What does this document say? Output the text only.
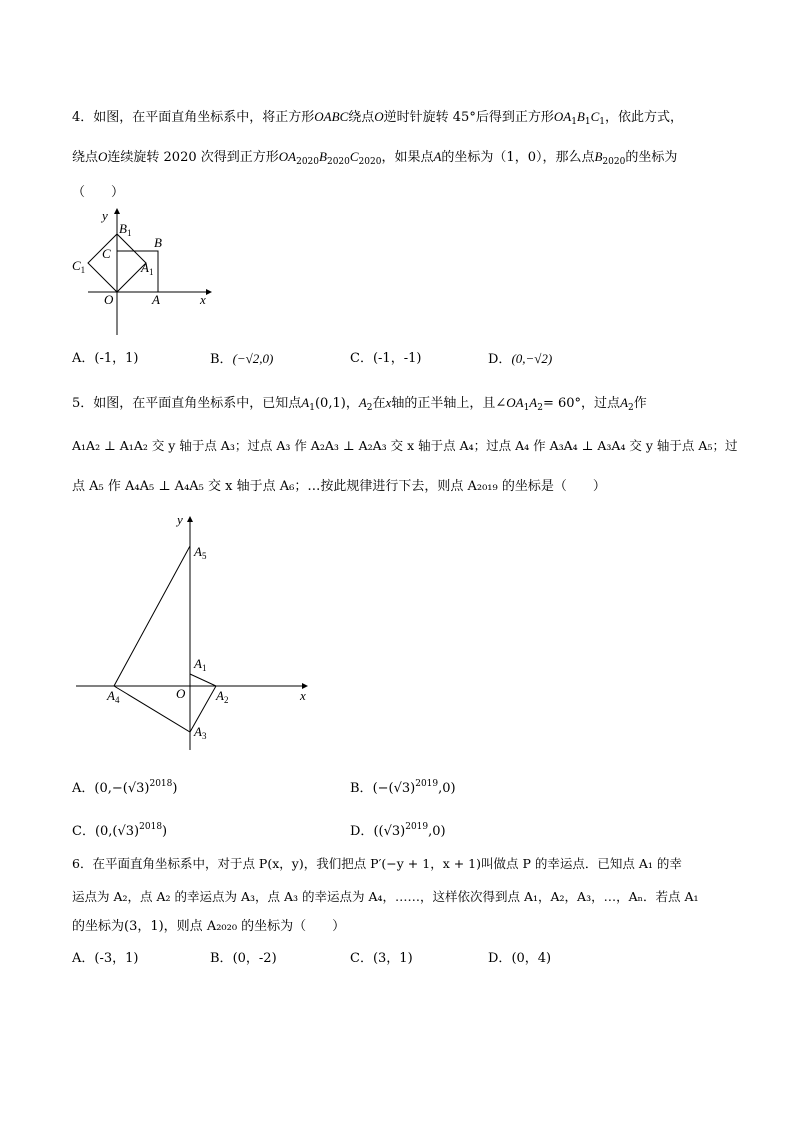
4．如图，在平面直角坐标系中，将正方形OABC绕点O逆时针旋转 45°后得到正方形$OA_1B_1C_1$，依此方式，
绕点O连续旋转 2020 次得到正方形$OA_{2020}B_{2020}C_{2020}$，如果点A的坐标为（1，0），那么点$B_{2020}$的坐标为
（　　）
y
x
O	A
B
C
$B_1$
$C_1$	$A_1$
A．(-1，1)	B．(−√2,0)	C．(-1，-1)	D．(0,−√2)
5．如图，在平面直角坐标系中，已知点$A_1(0,1)$，$A_2$在x轴的正半轴上，且$\angle OA_1A_2= 60^\circ$，过点$A_2$作
A₁A₂ ⊥ A₁A₂ 交 y 轴于点 A₃；过点 A₃ 作 A₂A₃ ⊥ A₂A₃ 交 x 轴于点 A₄；过点 A₄ 作 A₃A₄ ⊥ A₃A₄ 交 y 轴于点 A₅；过
点 A₅ 作 A₄A₅ ⊥ A₄A₅ 交 x 轴于点 A₆；…按此规律进行下去，则点 A₂₀₁₉ 的坐标是（　　）
y
x
O
$A_5$
$A_1$
$A_2$
$A_3$
$A_4$
A．$(0,-(√3)^{2018})$	B．$(-(√3)^{2019},0)$
C．$(0,(√3)^{2018})$	D．$((√3)^{2019},0)$
6．在平面直角坐标系中，对于点 P(x，y)，我们把点 P′(−y + 1，x + 1)叫做点 P 的幸运点．已知点 A₁ 的幸
运点为 A₂，点 A₂ 的幸运点为 A₃，点 A₃ 的幸运点为 A₄，……，这样依次得到点 A₁，A₂，A₃，…，Aₙ．若点 A₁
的坐标为(3，1)，则点 A₂₀₂₀ 的坐标为（　　）
A．(-3，1)	B．(0，-2)	C．(3，1)	D．(0，4)
